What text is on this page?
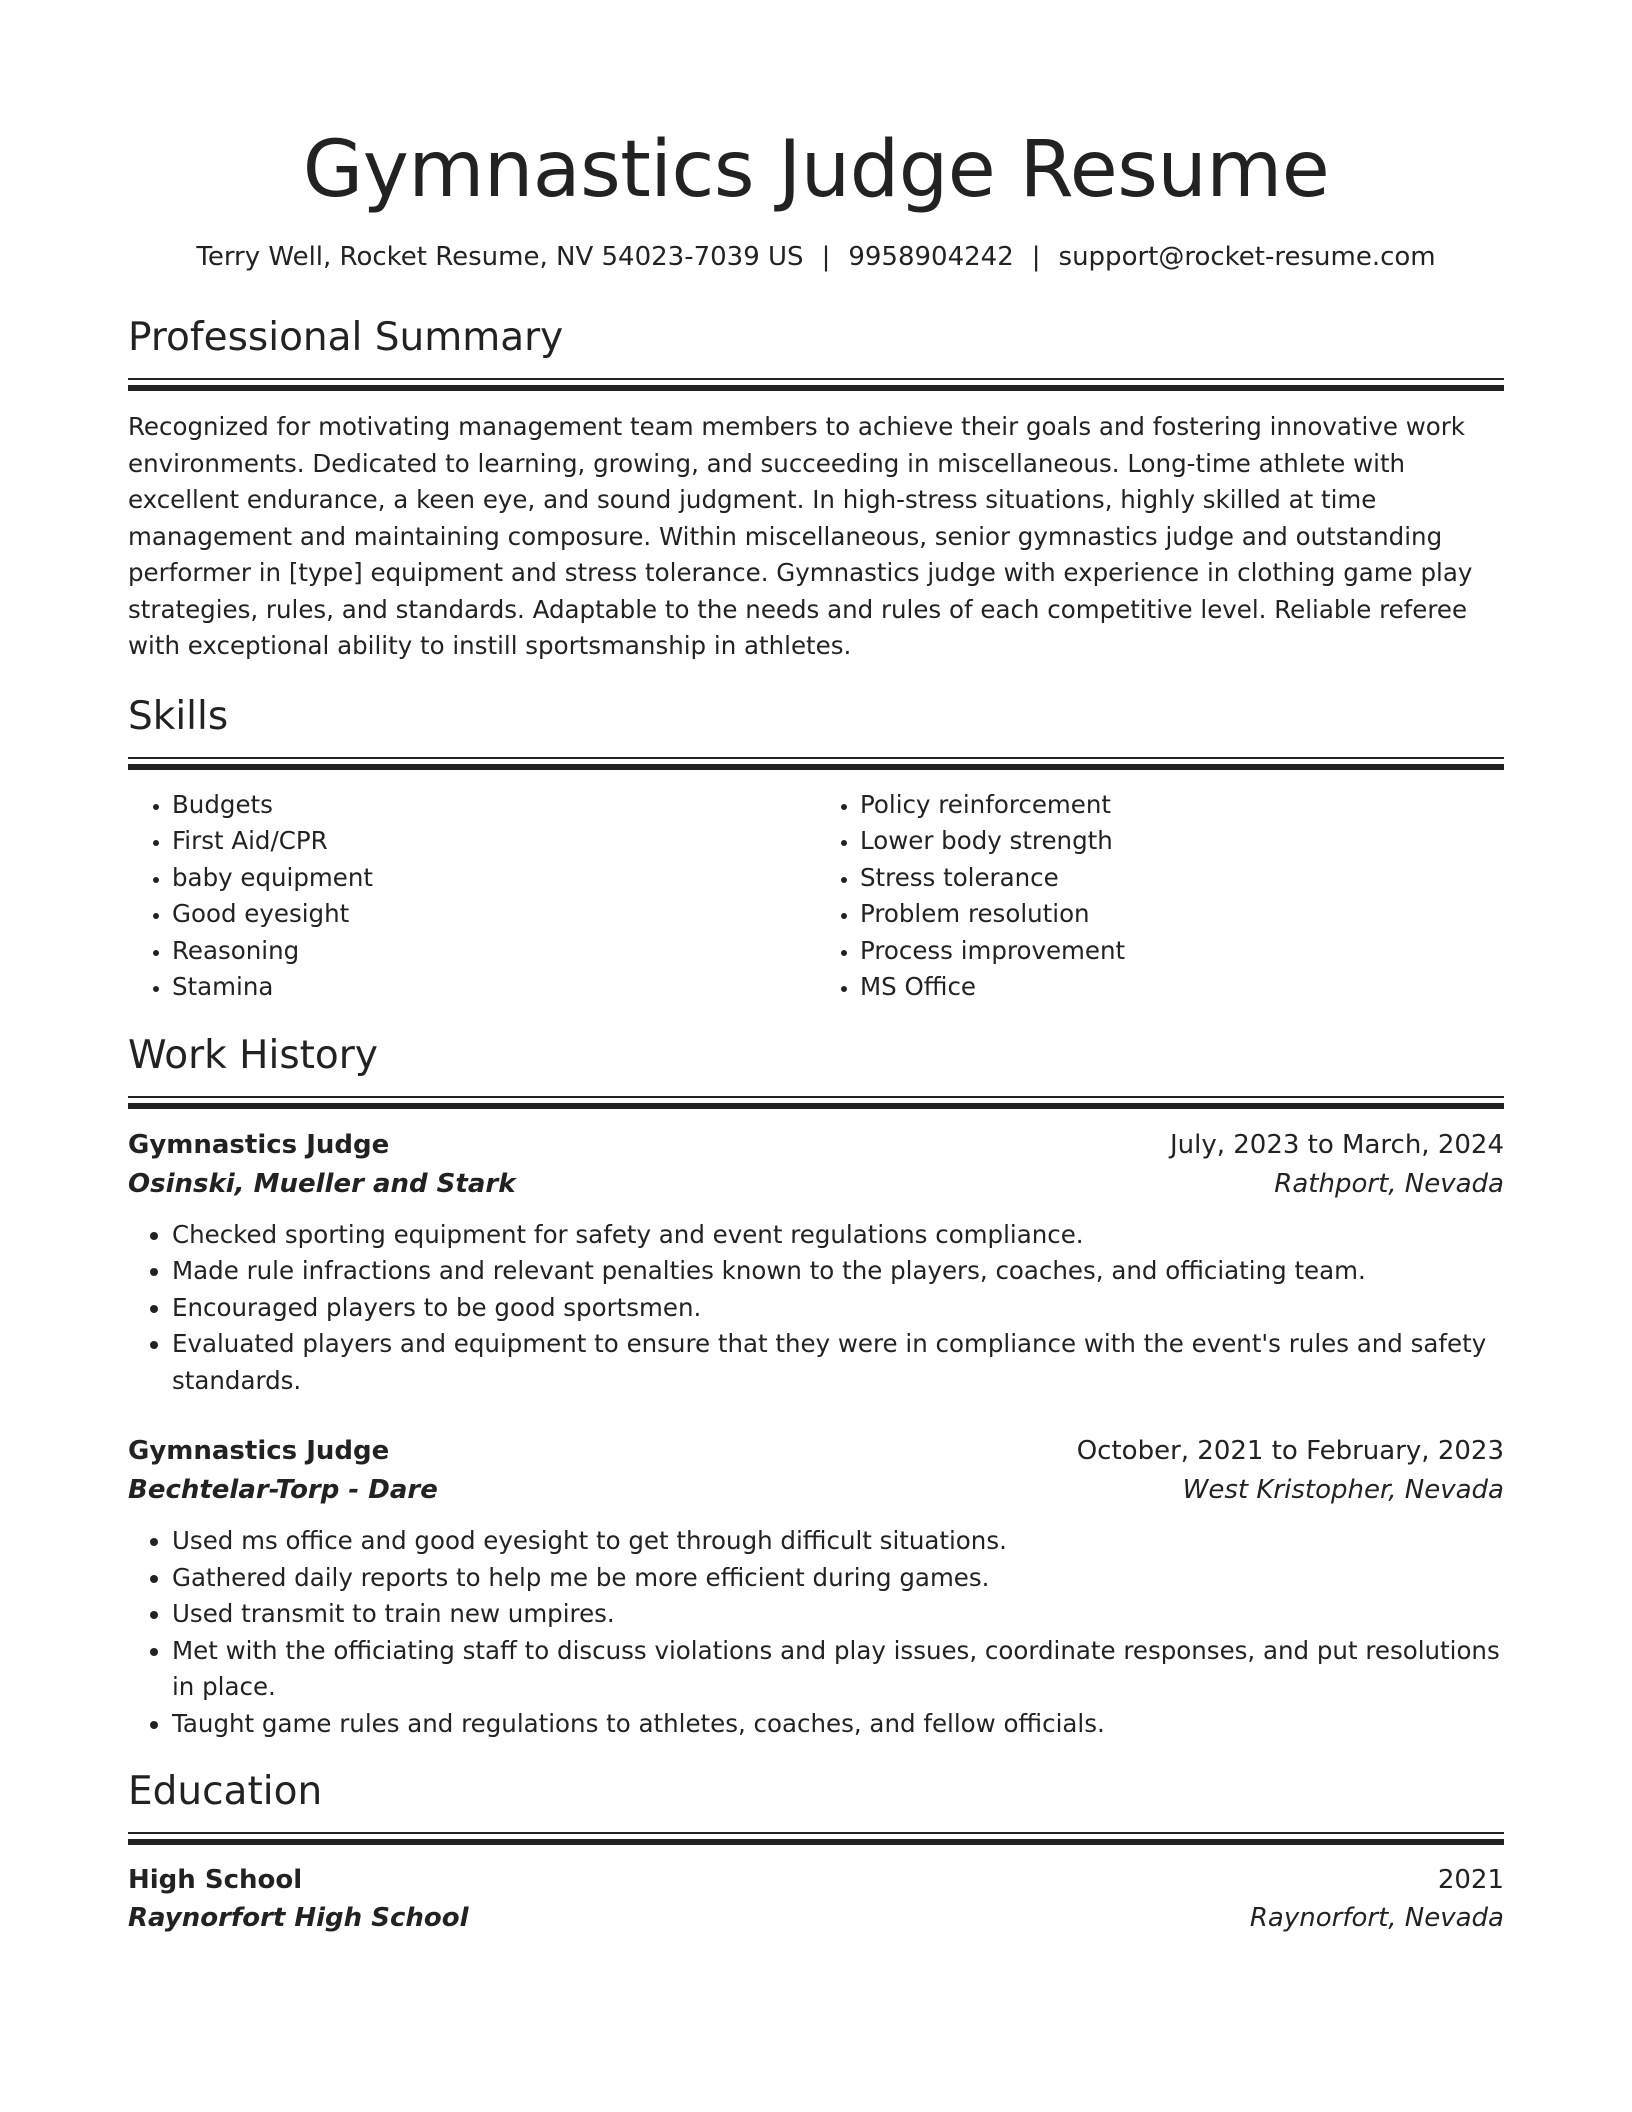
Gymnastics Judge Resume
Terry Well, Rocket Resume, NV 54023-7039 US | 9958904242 | support@rocket-resume.com
Professional Summary

Recognized for motivating management team members to achieve their goals and fostering innovative work environments. Dedicated to learning, growing, and succeeding in miscellaneous. Long-time athlete with excellent endurance, a keen eye, and sound judgment. In high-stress situations, highly skilled at time management and maintaining composure. Within miscellaneous, senior gymnastics judge and outstanding performer in [type] equipment and stress tolerance. Gymnastics judge with experience in clothing game play strategies, rules, and standards. Adaptable to the needs and rules of each competitive level. Reliable referee with exceptional ability to instill sportsmanship in athletes.

Skills
• Budgets
• First Aid/CPR
• baby equipment
• Good eyesight
• Reasoning
• Stamina
• Policy reinforcement
• Lower body strength
• Stress tolerance
• Problem resolution
• Process improvement
• MS Office
Work History
Gymnastics Judge	July, 2023 to March, 2024
Osinski, Mueller and Stark	Rathport, Nevada
• Checked sporting equipment for safety and event regulations compliance.
• Made rule infractions and relevant penalties known to the players, coaches, and officiating team.
• Encouraged players to be good sportsmen.
• Evaluated players and equipment to ensure that they were in compliance with the event's rules and safety standards.
Gymnastics Judge	October, 2021 to February, 2023
Bechtelar-Torp - Dare	West Kristopher, Nevada
• Used ms office and good eyesight to get through difficult situations.
• Gathered daily reports to help me be more efficient during games.
• Used transmit to train new umpires.
• Met with the officiating staff to discuss violations and play issues, coordinate responses, and put resolutions in place.
• Taught game rules and regulations to athletes, coaches, and fellow officials.
Education
High School	2021
Raynorfort High School	Raynorfort, Nevada
